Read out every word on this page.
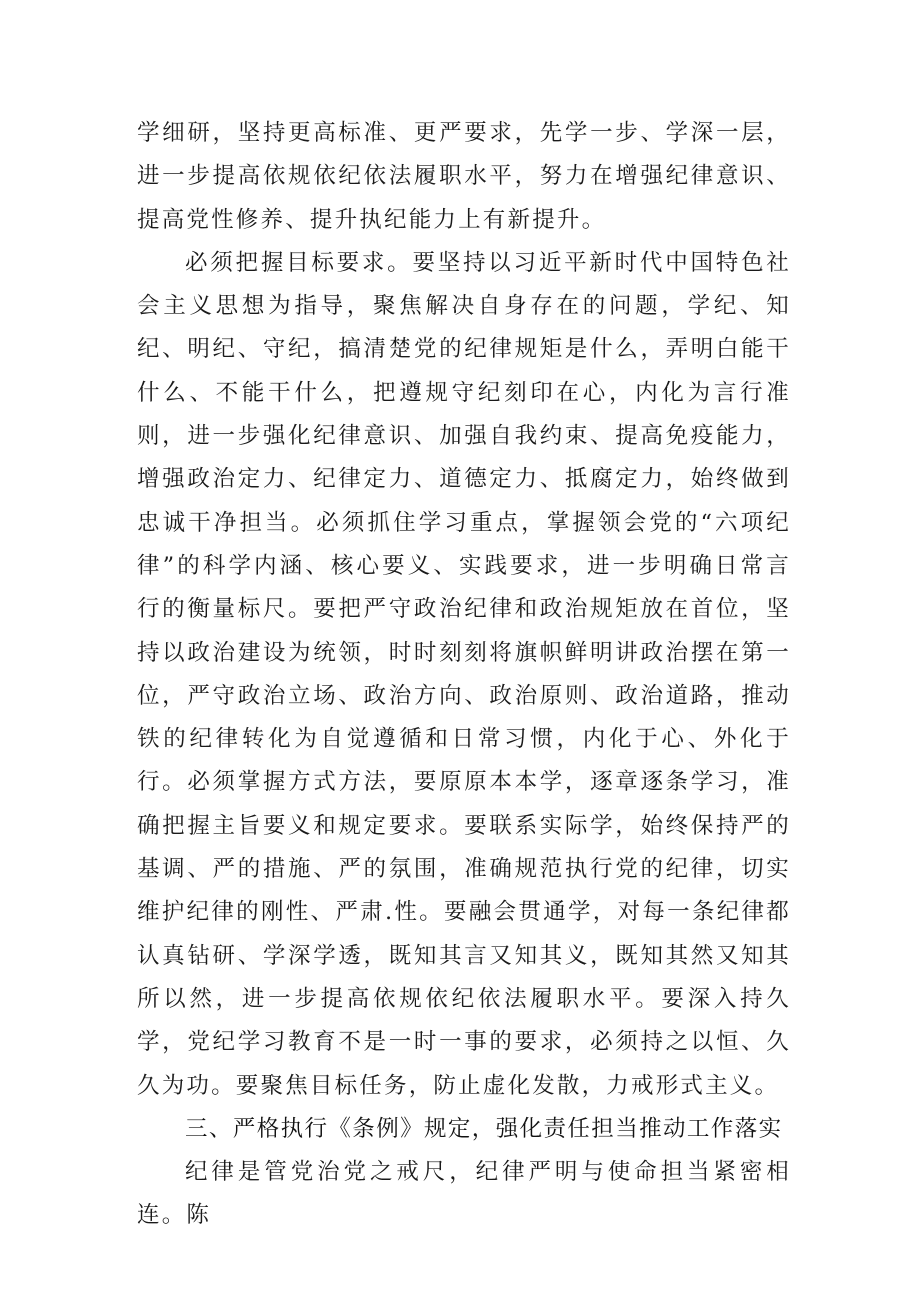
学细研，坚持更高标准、更严要求，先学一步、学深一层，进一步提高依规依纪依法履职水平，努力在增强纪律意识、提高党性修养、提升执纪能力上有新提升。

必须把握目标要求。要坚持以习近平新时代中国特色社会主义思想为指导，聚焦解决自身存在的问题，学纪、知纪、明纪、守纪，搞清楚党的纪律规矩是什么，弄明白能干什么、不能干什么，把遵规守纪刻印在心，内化为言行准则，进一步强化纪律意识、加强自我约束、提高免疫能力，增强政治定力、纪律定力、道德定力、抵腐定力，始终做到忠诚干净担当。必须抓住学习重点，掌握领会党的“六项纪律”的科学内涵、核心要义、实践要求，进一步明确日常言行的衡量标尺。要把严守政治纪律和政治规矩放在首位，坚持以政治建设为统领，时时刻刻将旗帜鲜明讲政治摆在第一位，严守政治立场、政治方向、政治原则、政治道路，推动铁的纪律转化为自觉遵循和日常习惯，内化于心、外化于行。必须掌握方式方法，要原原本本学，逐章逐条学习，准确把握主旨要义和规定要求。要联系实际学，始终保持严的基调、严的措施、严的氛围，准确规范执行党的纪律，切实维护纪律的刚性、严肃.性。要融会贯通学，对每一条纪律都认真钻研、学深学透，既知其言又知其义，既知其然又知其所以然，进一步提高依规依纪依法履职水平。要深入持久学，党纪学习教育不是一时一事的要求，必须持之以恒、久久为功。要聚焦目标任务，防止虚化发散，力戒形式主义。

三、严格执行《条例》规定，强化责任担当推动工作落实

纪律是管党治党之戒尺，纪律严明与使命担当紧密相连。陈
